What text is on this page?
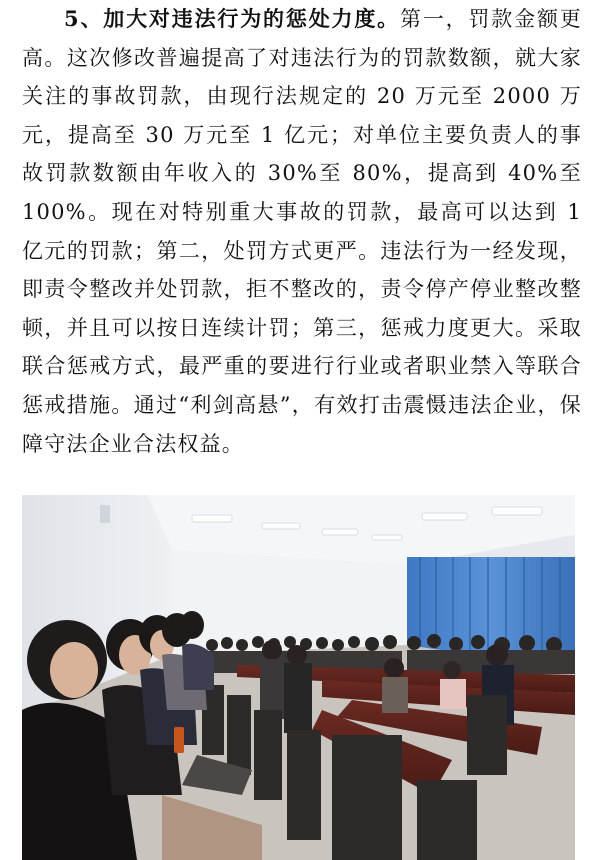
5、加大对违法行为的惩处力度。第一，罚款金额更高。这次修改普遍提高了对违法行为的罚款数额，就大家关注的事故罚款，由现行法规定的 20 万元至 2000 万元，提高至 30 万元至 1 亿元；对单位主要负责人的事故罚款数额由年收入的 30%至 80%，提高到 40%至 100%。现在对特别重大事故的罚款，最高可以达到 1 亿元的罚款；第二，处罚方式更严。违法行为一经发现，即责令整改并处罚款，拒不整改的，责令停产停业整改整顿，并且可以按日连续计罚；第三，惩戒力度更大。采取联合惩戒方式，最严重的要进行行业或者职业禁入等联合惩戒措施。通过“利剑高悬”，有效打击震慑违法企业，保障守法企业合法权益。
